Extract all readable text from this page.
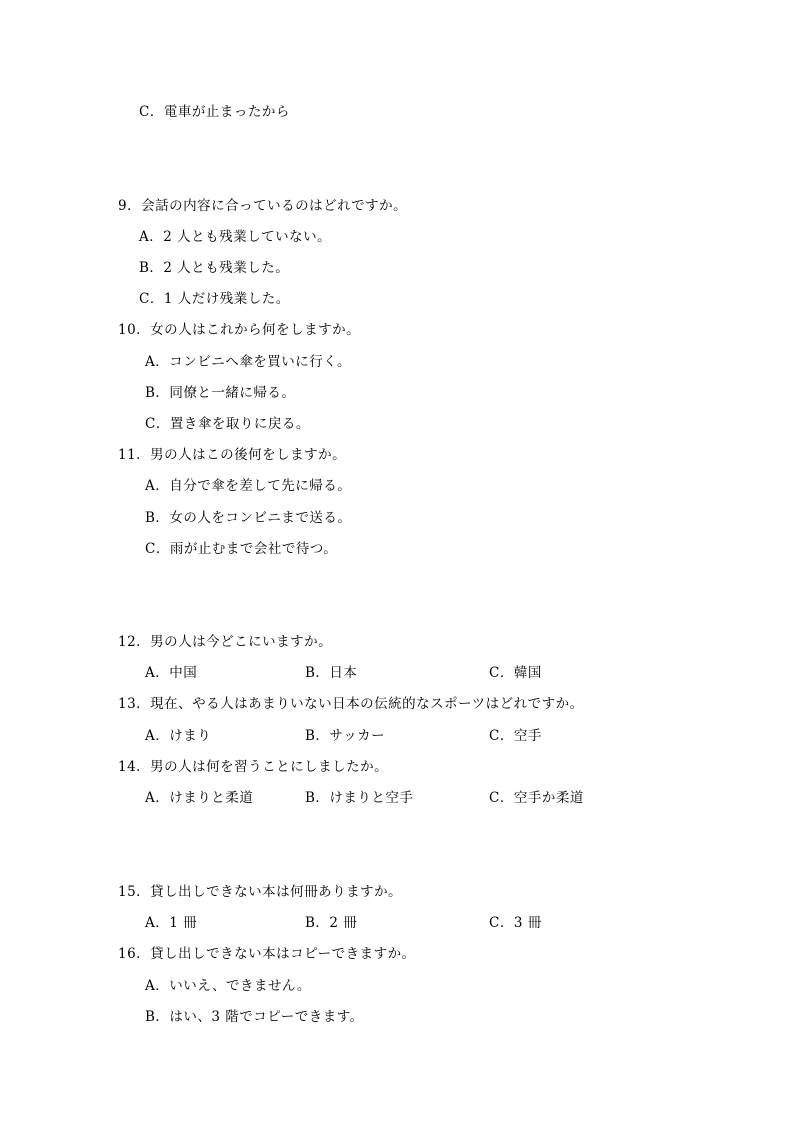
C．電車が止まったから
9．会話の内容に合っているのはどれですか。
A．2 人とも残業していない。
B．2 人とも残業した。
C．1 人だけ残業した。
10．女の人はこれから何をしますか。
A．コンビニへ傘を買いに行く。
B．同僚と一緒に帰る。
C．置き傘を取りに戻る。
11．男の人はこの後何をしますか。
A．自分で傘を差して先に帰る。
B．女の人をコンビニまで送る。
C．雨が止むまで会社で待つ。
12．男の人は今どこにいますか。
A．中国	B．日本	C．韓国
13．現在、やる人はあまりいない日本の伝統的なスポーツはどれですか。
A．けまり	B．サッカー	C．空手
14．男の人は何を習うことにしましたか。
A．けまりと柔道	B．けまりと空手	C．空手か柔道
15．貸し出しできない本は何冊ありますか。
A．1 冊	B．2 冊	C．3 冊
16．貸し出しできない本はコピーできますか。
A．いいえ、できません。
B．はい、3 階でコピーできます。
